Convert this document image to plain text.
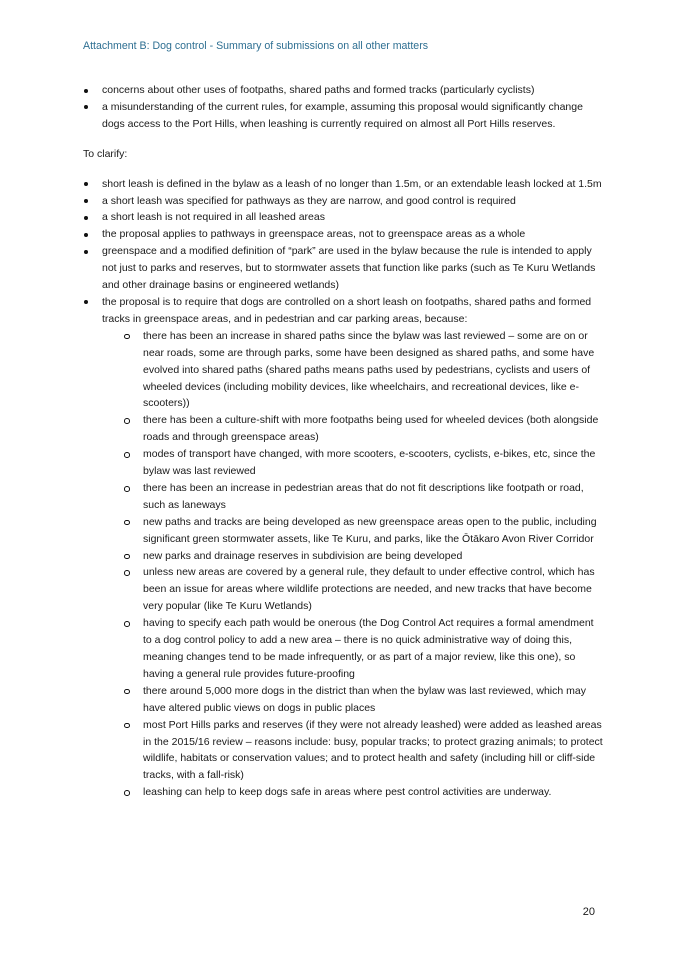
Attachment B: Dog control - Summary of submissions on all other matters
concerns about other uses of footpaths, shared paths and formed tracks (particularly cyclists)
a misunderstanding of the current rules, for example, assuming this proposal would significantly change dogs access to the Port Hills, when leashing is currently required on almost all Port Hills reserves.

To clarify:

short leash is defined in the bylaw as a leash of no longer than 1.5m, or an extendable leash locked at 1.5m
a short leash was specified for pathways as they are narrow, and good control is required
a short leash is not required in all leashed areas
the proposal applies to pathways in greenspace areas, not to greenspace areas as a whole
greenspace and a modified definition of “park” are used in the bylaw because the rule is intended to apply not just to parks and reserves, but to stormwater assets that function like parks (such as Te Kuru Wetlands and other drainage basins or engineered wetlands)
the proposal is to require that dogs are controlled on a short leash on footpaths, shared paths and formed tracks in greenspace areas, and in pedestrian and car parking areas, because:
there has been an increase in shared paths since the bylaw was last reviewed – some are on or near roads, some are through parks, some have been designed as shared paths, and some have evolved into shared paths (shared paths means paths used by pedestrians, cyclists and users of wheeled devices (including mobility devices, like wheelchairs, and recreational devices, like e-scooters))
there has been a culture-shift with more footpaths being used for wheeled devices (both alongside roads and through greenspace areas)
modes of transport have changed, with more scooters, e-scooters, cyclists, e-bikes, etc, since the bylaw was last reviewed
there has been an increase in pedestrian areas that do not fit descriptions like footpath or road, such as laneways
new paths and tracks are being developed as new greenspace areas open to the public, including significant green stormwater assets, like Te Kuru, and parks, like the Ōtākaro Avon River Corridor
new parks and drainage reserves in subdivision are being developed
unless new areas are covered by a general rule, they default to under effective control, which has been an issue for areas where wildlife protections are needed, and new tracks that have become very popular (like Te Kuru Wetlands)
having to specify each path would be onerous (the Dog Control Act requires a formal amendment to a dog control policy to add a new area – there is no quick administrative way of doing this, meaning changes tend to be made infrequently, or as part of a major review, like this one), so having a general rule provides future-proofing
there around 5,000 more dogs in the district than when the bylaw was last reviewed, which may have altered public views on dogs in public places
most Port Hills parks and reserves (if they were not already leashed) were added as leashed areas in the 2015/16 review – reasons include: busy, popular tracks; to protect grazing animals; to protect wildlife, habitats or conservation values; and to protect health and safety (including hill or cliff-side tracks, with a fall-risk)
leashing can help to keep dogs safe in areas where pest control activities are underway.
20
